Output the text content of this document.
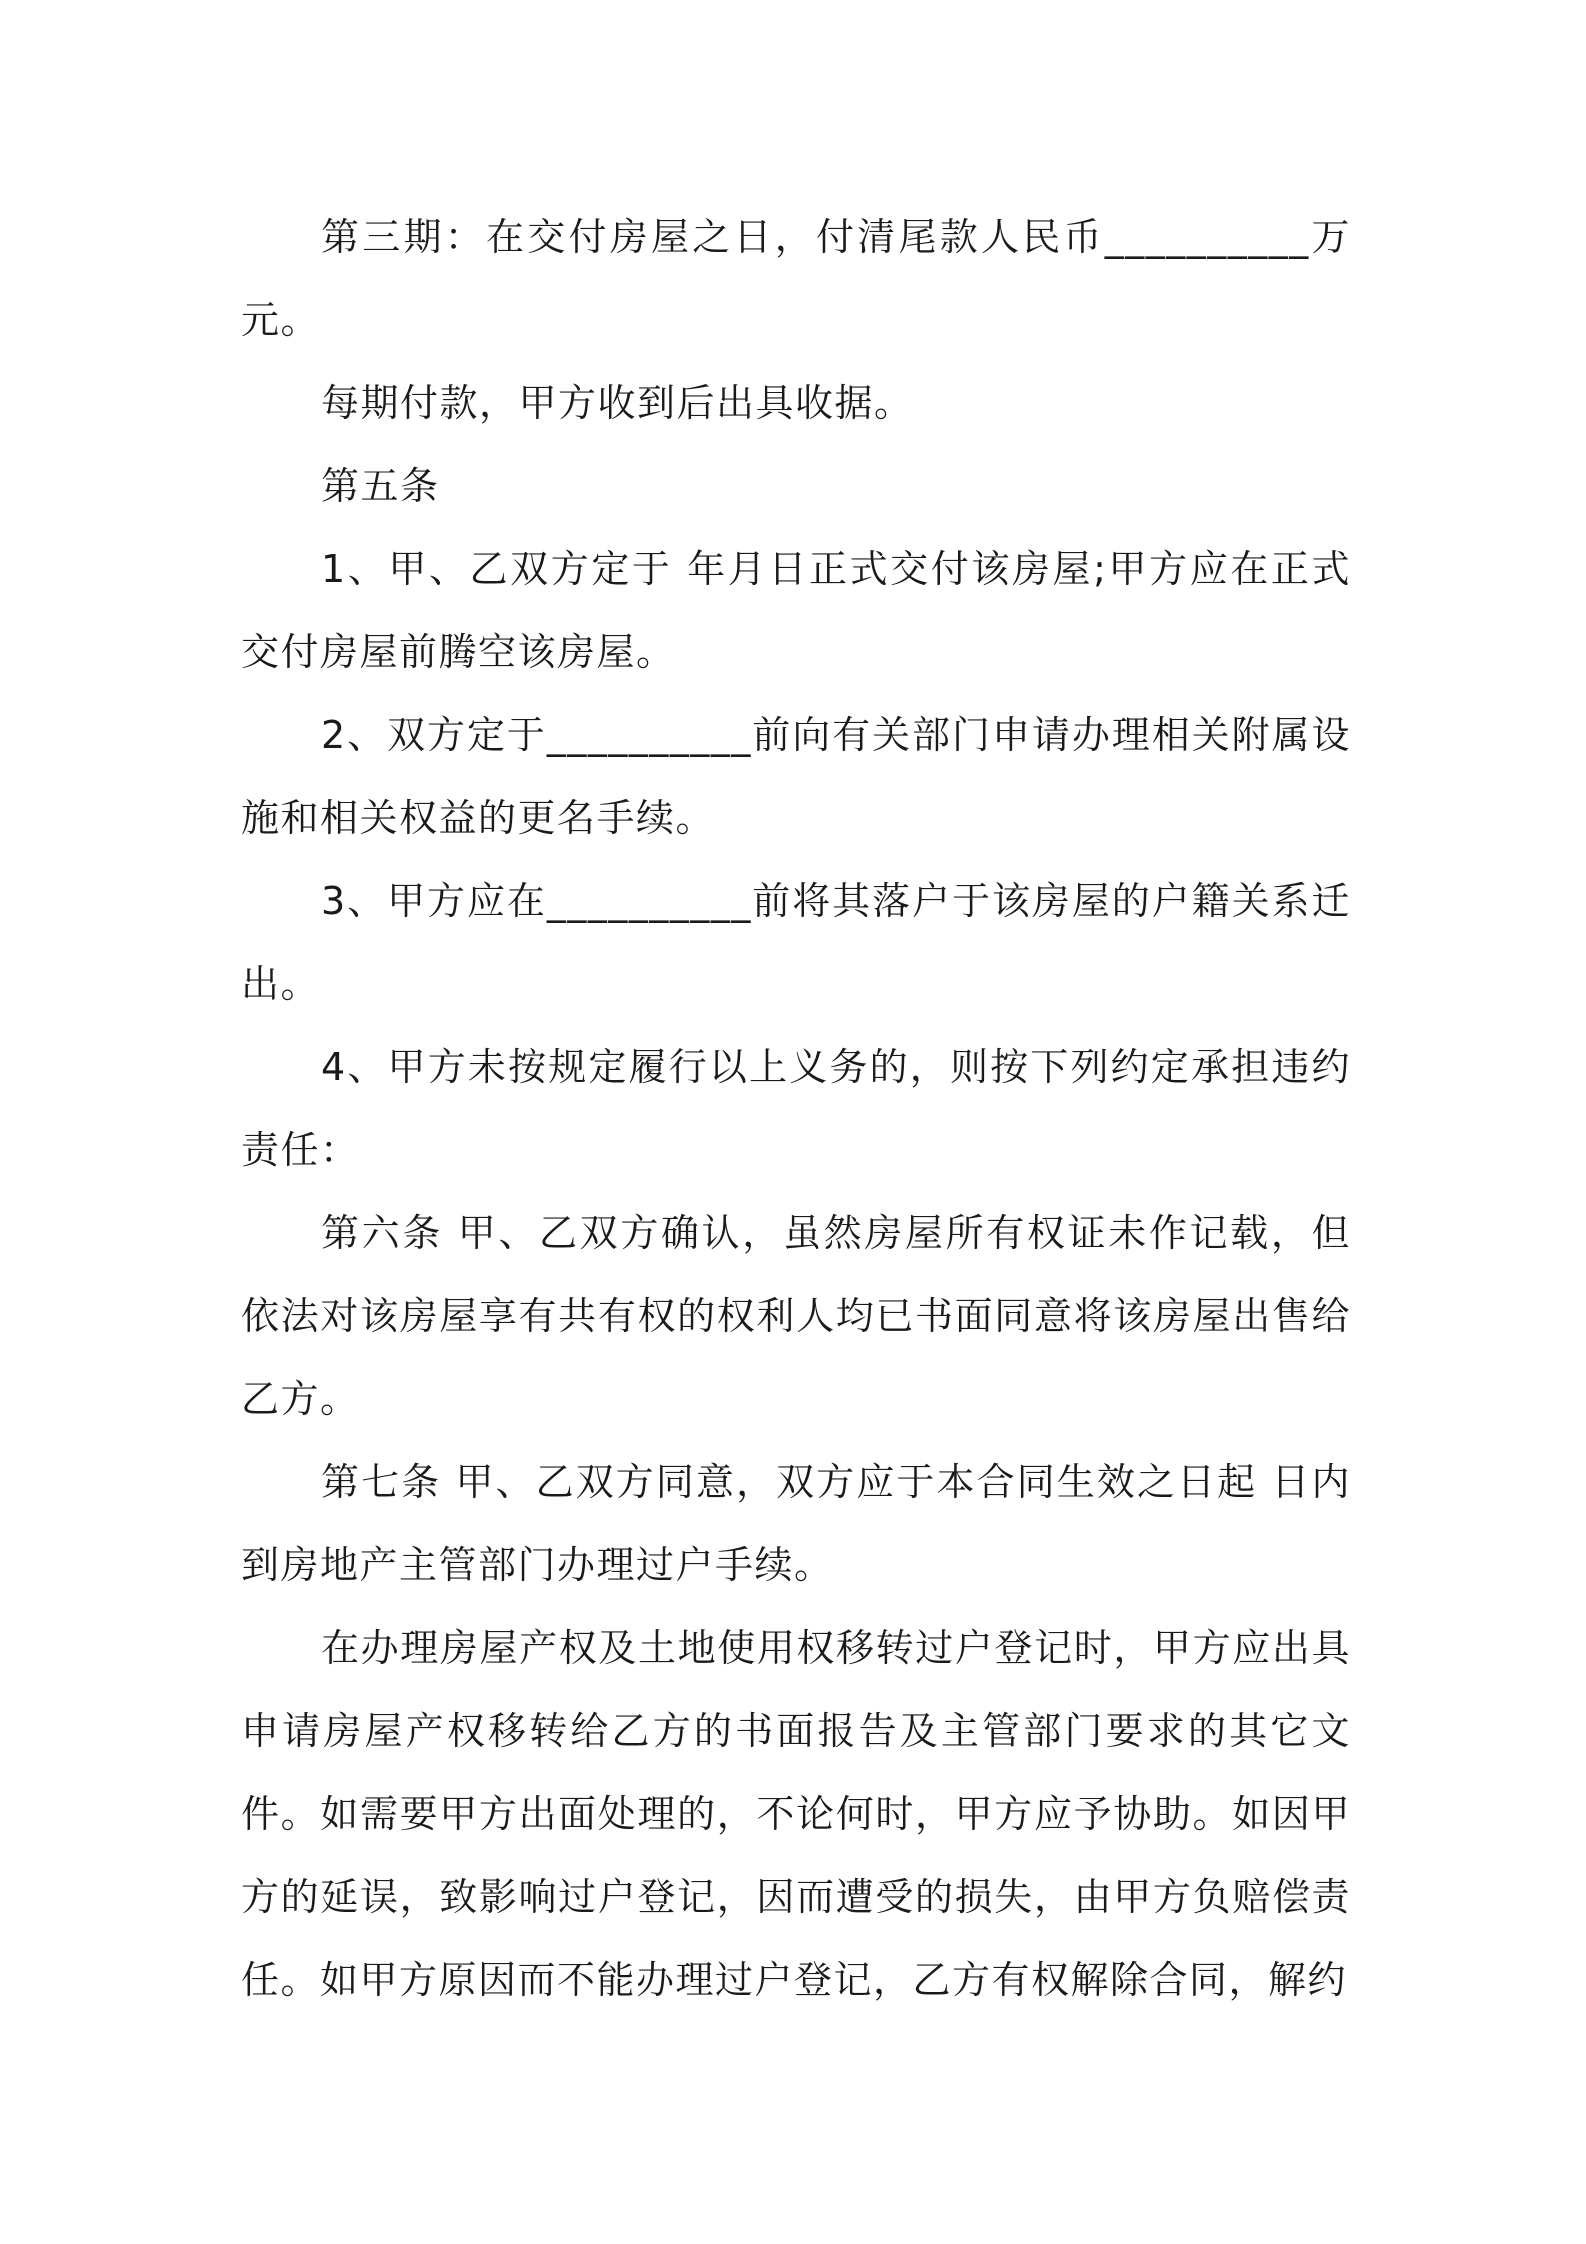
第三期：在交付房屋之日，付清尾款人民币__________万元。

每期付款，甲方收到后出具收据。

第五条

1、甲、乙双方定于 年月日正式交付该房屋;甲方应在正式交付房屋前腾空该房屋。

2、双方定于__________前向有关部门申请办理相关附属设施和相关权益的更名手续。

3、甲方应在__________前将其落户于该房屋的户籍关系迁出。

4、甲方未按规定履行以上义务的，则按下列约定承担违约责任：

第六条 甲、乙双方确认，虽然房屋所有权证未作记载，但依法对该房屋享有共有权的权利人均已书面同意将该房屋出售给乙方。

第七条 甲、乙双方同意，双方应于本合同生效之日起 日内到房地产主管部门办理过户手续。

在办理房屋产权及土地使用权移转过户登记时，甲方应出具申请房屋产权移转给乙方的书面报告及主管部门要求的其它文件。如需要甲方出面处理的，不论何时，甲方应予协助。如因甲方的延误，致影响过户登记，因而遭受的损失，由甲方负赔偿责任。如甲方原因而不能办理过户登记，乙方有权解除合同，解约
